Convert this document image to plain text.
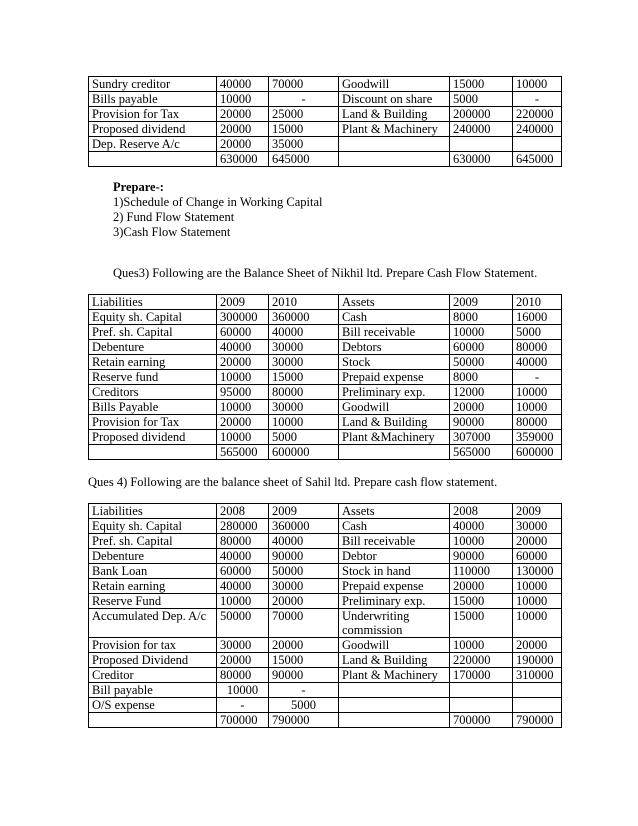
Sundry creditor	40000	70000	Goodwill	15000	10000
Bills payable	10000	-	Discount on share	5000	-
Provision for Tax	20000	25000	Land & Building	200000	220000
Proposed dividend	20000	15000	Plant & Machinery	240000	240000
Dep. Reserve A/c	20000	35000			
	630000	645000		630000	645000
Prepare-:
1)Schedule of Change in Working Capital
2) Fund Flow Statement
3)Cash Flow Statement
Ques3) Following are the Balance Sheet of Nikhil ltd. Prepare Cash Flow Statement.
Liabilities	2009	2010	Assets	2009	2010
Equity sh. Capital	300000	360000	Cash	8000	16000
Pref. sh. Capital	60000	40000	Bill receivable	10000	5000
Debenture	40000	30000	Debtors	60000	80000
Retain earning	20000	30000	Stock	50000	40000
Reserve fund	10000	15000	Prepaid expense	8000	-
Creditors	95000	80000	Preliminary exp.	12000	10000
Bills Payable	10000	30000	Goodwill	20000	10000
Provision for Tax	20000	10000	Land & Building	90000	80000
Proposed dividend	10000	5000	Plant &Machinery	307000	359000
	565000	600000		565000	600000
Ques 4) Following are the balance sheet of Sahil ltd. Prepare cash flow statement.
Liabilities	2008	2009	Assets	2008	2009
Equity sh. Capital	280000	360000	Cash	40000	30000
Pref. sh. Capital	80000	40000	Bill receivable	10000	20000
Debenture	40000	90000	Debtor	90000	60000
Bank Loan	60000	50000	Stock in hand	110000	130000
Retain earning	40000	30000	Prepaid expense	20000	10000
Reserve Fund	10000	20000	Preliminary exp.	15000	10000
Accumulated Dep. A/c	50000	70000	Underwriting commission	15000	10000
Provision for tax	30000	20000	Goodwill	10000	20000
Proposed Dividend	20000	15000	Land & Building	220000	190000
Creditor	80000	90000	Plant & Machinery	170000	310000
Bill payable	10000	-			
O/S expense	-	5000			
	700000	790000		700000	790000
